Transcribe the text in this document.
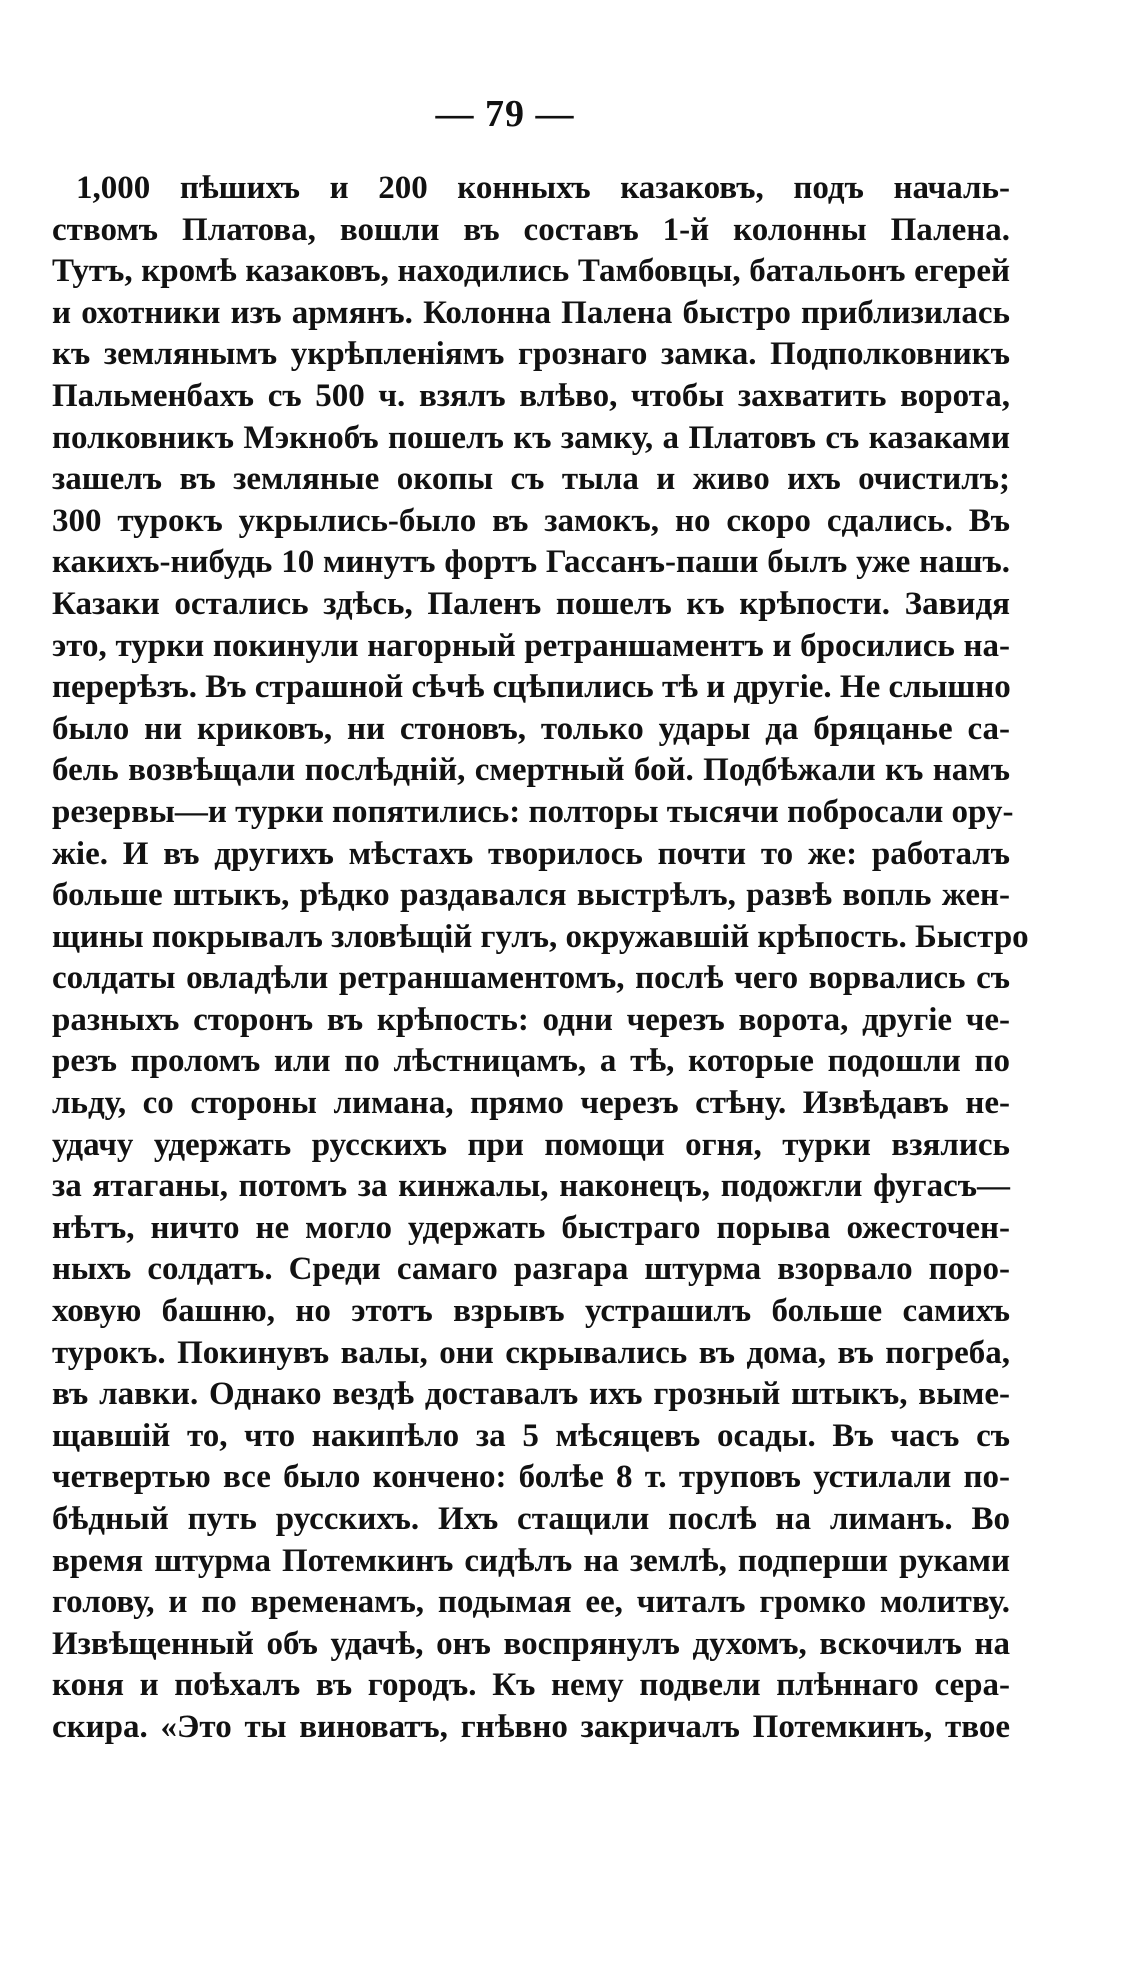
— 79 —
1,000 пѣшихъ и 200 конныхъ казаковъ, подъ началь-
ствомъ Платова, вошли въ составъ 1-й колонны Палена.
Тутъ, кромѣ казаковъ, находились Тамбовцы, батальонъ егерей
и охотники изъ армянъ. Колонна Палена быстро приблизилась
къ землянымъ укрѣпленіямъ грознаго замка. Подполковникъ
Пальменбахъ съ 500 ч. взялъ влѣво, чтобы захватить ворота,
полковникъ Мэкнобъ пошелъ къ замку, а Платовъ съ казаками
зашелъ въ земляные окопы съ тыла и живо ихъ очистилъ;
300 турокъ укрылись-было въ замокъ, но скоро сдались. Въ
какихъ-нибудь 10 минутъ фортъ Гассанъ-паши былъ уже нашъ.
Казаки остались здѣсь, Паленъ пошелъ къ крѣпости. Завидя
это, турки покинули нагорный ретраншаментъ и бросились на-
перерѣзъ. Въ страшной сѣчѣ сцѣпились тѣ и другіе. Не слышно
было ни криковъ, ни стоновъ, только удары да бряцанье са-
бель возвѣщали послѣдній, смертный бой. Подбѣжали къ намъ
резервы—и турки попятились: полторы тысячи побросали ору-
жіе. И въ другихъ мѣстахъ творилось почти то же: работалъ
больше штыкъ, рѣдко раздавался выстрѣлъ, развѣ вопль жен-
щины покрывалъ зловѣщій гулъ, окружавшій крѣпость. Быстро
солдаты овладѣли ретраншаментомъ, послѣ чего ворвались съ
разныхъ сторонъ въ крѣпость: одни черезъ ворота, другіе че-
резъ проломъ или по лѣстницамъ, а тѣ, которые подошли по
льду, со стороны лимана, прямо черезъ стѣну. Извѣдавъ не-
удачу удержать русскихъ при помощи огня, турки взялись
за ятаганы, потомъ за кинжалы, наконецъ, подожгли фугасъ—
нѣтъ, ничто не могло удержать быстраго порыва ожесточен-
ныхъ солдатъ. Среди самаго разгара штурма взорвало поро-
ховую башню, но этотъ взрывъ устрашилъ больше самихъ
турокъ. Покинувъ валы, они скрывались въ дома, въ погреба,
въ лавки. Однако вездѣ доставалъ ихъ грозный штыкъ, выме-
щавшій то, что накипѣло за 5 мѣсяцевъ осады. Въ часъ съ
четвертью все было кончено: болѣе 8 т. труповъ устилали по-
бѣдный путь русскихъ. Ихъ стащили послѣ на лиманъ. Во
время штурма Потемкинъ сидѣлъ на землѣ, подперши руками
голову, и по временамъ, подымая ее, читалъ громко молитву.
Извѣщенный объ удачѣ, онъ воспрянулъ духомъ, вскочилъ на
коня и поѣхалъ въ городъ. Къ нему подвели плѣннаго сера-
скира. «Это ты виноватъ, гнѣвно закричалъ Потемкинъ, твое
